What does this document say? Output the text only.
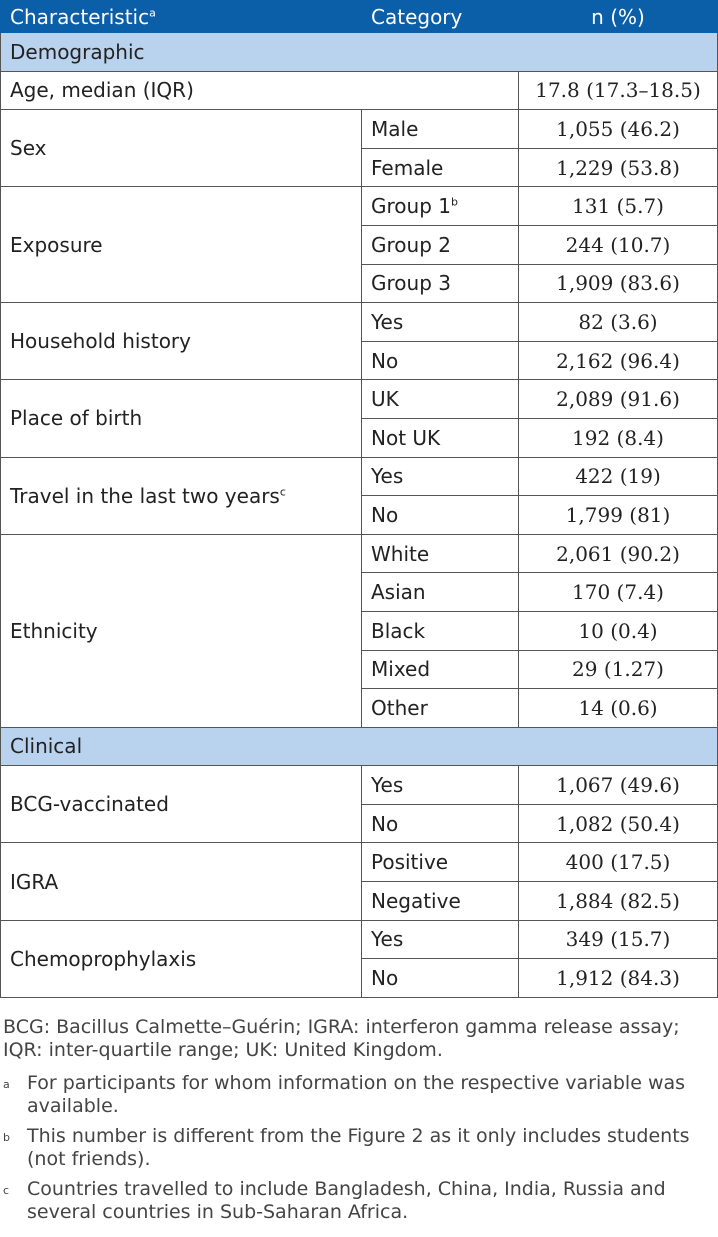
Characteristic$^a$	Category	n (%)
Demographic		
Age, median (IQR)		17.8 (17.3–18.5)
Sex	Male	1,055 (46.2)
	Female	1,229 (53.8)
Exposure	Group 1$^b$	131 (5.7)
	Group 2	244 (10.7)
	Group 3	1,909 (83.6)
Household history	Yes	82 (3.6)
	No	2,162 (96.4)
Place of birth	UK	2,089 (91.6)
	Not UK	192 (8.4)
Travel in the last two years$^c$	Yes	422 (19)
	No	1,799 (81)
Ethnicity	White	2,061 (90.2)
	Asian	170 (7.4)
	Black	10 (0.4)
	Mixed	29 (1.27)
	Other	14 (0.6)
Clinical		
BCG-vaccinated	Yes	1,067 (49.6)
	No	1,082 (50.4)
IGRA	Positive	400 (17.5)
	Negative	1,884 (82.5)
Chemoprophylaxis	Yes	349 (15.7)
	No	1,912 (84.3)
BCG: Bacillus Calmette–Guérin; IGRA: interferon gamma release assay; IQR: inter-quartile range; UK: United Kingdom.
a For participants for whom information on the respective variable was available.
b This number is different from the Figure 2 as it only includes students (not friends).
c Countries travelled to include Bangladesh, China, India, Russia and several countries in Sub-Saharan Africa.
